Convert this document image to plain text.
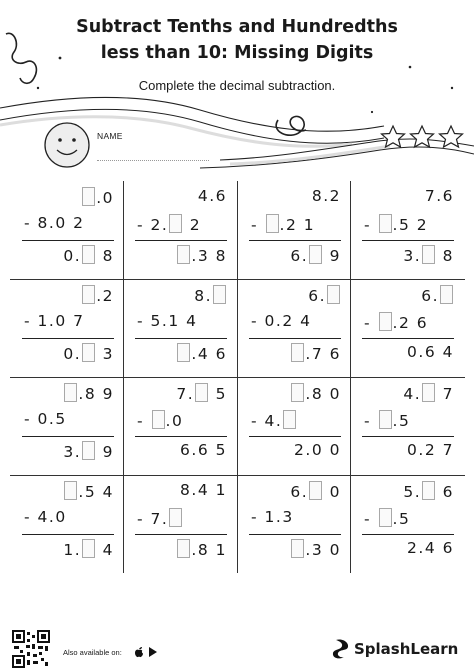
Subtract Tenths and Hundredths
less than 10: Missing Digits
Complete the decimal subtraction.
NAME
.0
- 8.0 2
0. 8
4.6
- 2. 2
.3 8
8.2
- .2 1
6. 9
7.6
- .5 2
3. 8
.2
- 1.0 7
0. 3
8.
- 5.1 4
.4 6
6.
- 0.2 4
.7 6
6.
- .2 6
0.6 4
.8 9
- 0.5
3. 9
7. 5
- .0
6.6 5
.8 0
- 4.
2.0 0
4. 7
- .5
0.2 7
.5 4
- 4.0
1. 4
8.4 1
- 7.
.8 1
6. 0
- 1.3
.3 0
5. 6
- .5
2.4 6
Also available on:	SplashLearn
